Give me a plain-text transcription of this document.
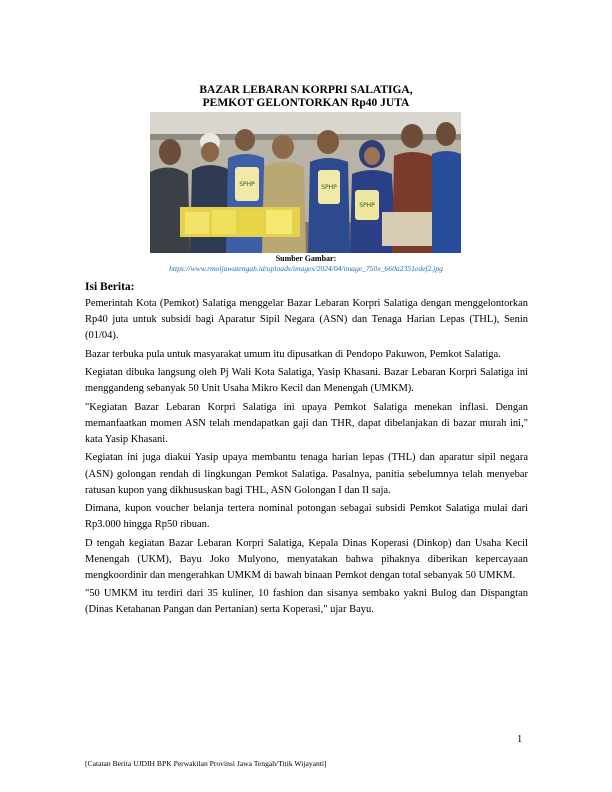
BAZAR LEBARAN KORPRI SALATIGA,
PEMKOT GELONTORKAN Rp40 JUTA
SPHP	SPHP
SPHP
Sumber Gambar:
https://www.rmoljawatengah.id/uploads/images/2024/04/image_750x_660a2351edef2.jpg
Isi Berita:

Pemerintah Kota (Pemkot) Salatiga menggelar Bazar Lebaran Korpri Salatiga dengan menggelontorkan Rp40 juta untuk subsidi bagi Aparatur Sipil Negara (ASN) dan Tenaga Harian Lepas (THL), Senin (01/04).

Bazar terbuka pula untuk masyarakat umum itu dipusatkan di Pendopo Pakuwon, Pemkot Salatiga.

Kegiatan dibuka langsung oleh Pj Wali Kota Salatiga, Yasip Khasani. Bazar Lebaran Korpri Salatiga ini menggandeng sebanyak 50 Unit Usaha Mikro Kecil dan Menengah (UMKM).

"Kegiatan Bazar Lebaran Korpri Salatiga ini upaya Pemkot Salatiga menekan inflasi. Dengan memanfaatkan momen ASN telah mendapatkan gaji dan THR, dapat dibelanjakan di bazar murah ini," kata Yasip Khasani.

Kegiatan ini juga diakui Yasip upaya membantu tenaga harian lepas (THL) dan aparatur sipil negara (ASN) golongan rendah di lingkungan Pemkot Salatiga. Pasalnya, panitia sebelumnya telah menyebar ratusan kupon yang dikhususkan bagi THL, ASN Golongan I dan II saja.

Dimana, kupon voucher belanja tertera nominal potongan sebagai subsidi Pemkot Salatiga mulai dari Rp3.000 hingga Rp50 ribuan.

D tengah kegiatan Bazar Lebaran Korpri Salatiga, Kepala Dinas Koperasi (Dinkop) dan Usaha Kecil Menengah (UKM), Bayu Joko Mulyono, menyatakan bahwa pihaknya diberikan kepercayaan mengkoordinir dan mengerahkan UMKM di bawah binaan Pemkot dengan total sebanyak 50 UMKM.

"50 UMKM itu terdiri dari 35 kuliner, 10 fashion dan sisanya sembako yakni Bulog dan Dispangtan (Dinas Ketahanan Pangan dan Pertanian) serta Koperasi," ujar Bayu.

1
[Catatan Berita UJDIH BPK Perwakilan Provinsi Jawa Tengah/Titik Wijayanti]
